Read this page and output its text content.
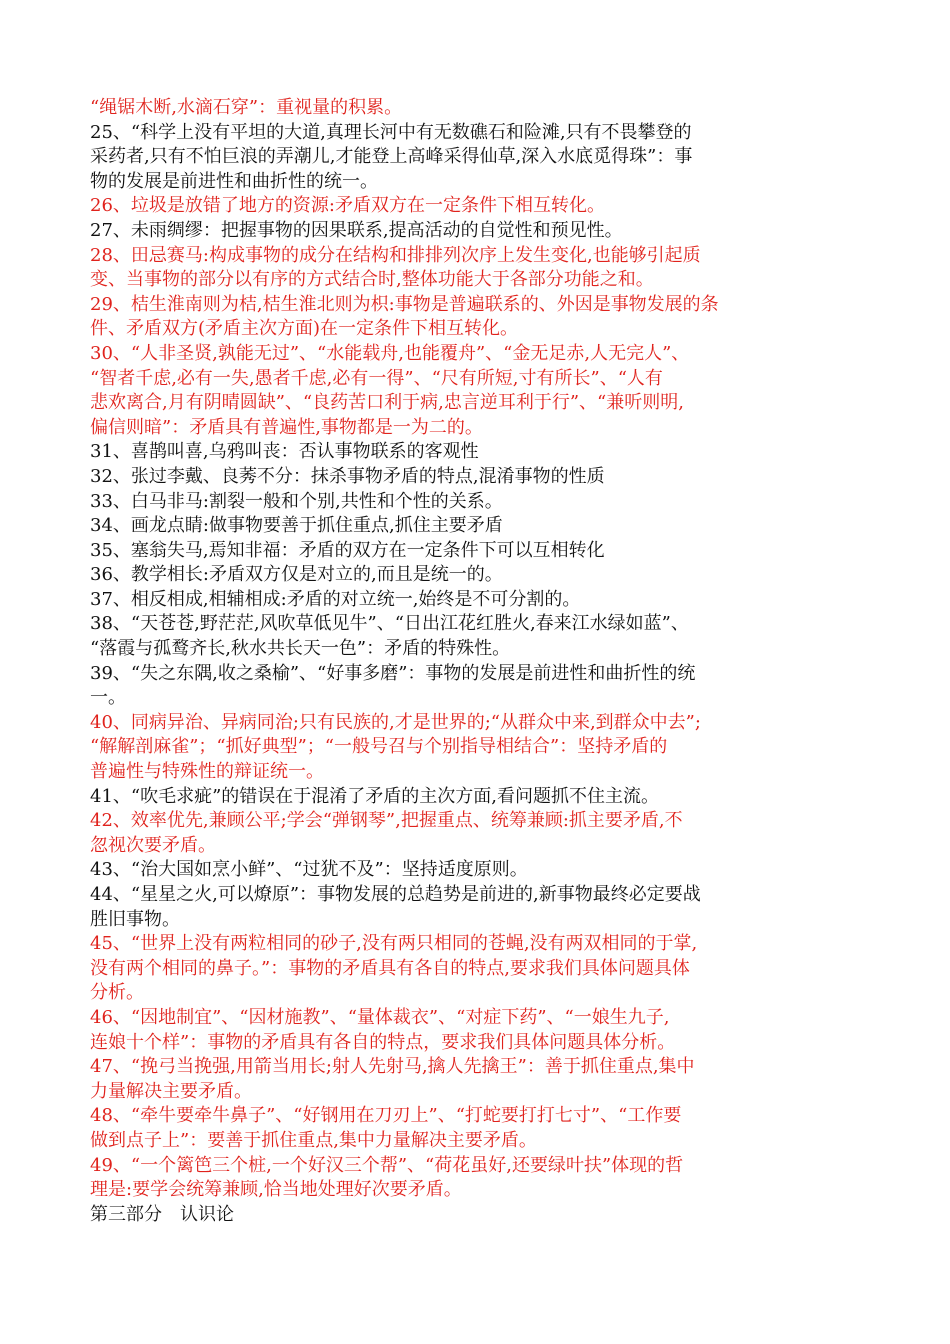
“绳锯木断,水滴石穿”：重视量的积累。
25、“科学上没有平坦的大道,真理长河中有无数礁石和险滩,只有不畏攀登的
采药者,只有不怕巨浪的弄潮儿,才能登上高峰采得仙草,深入水底觅得珠”：事
物的发展是前进性和曲折性的统一。
26、垃圾是放错了地方的资源:矛盾双方在一定条件下相互转化。
27、未雨绸缪：把握事物的因果联系,提高活动的自觉性和预见性。
28、田忌赛马:构成事物的成分在结构和排排列次序上发生变化,也能够引起质
变、当事物的部分以有序的方式结合时,整体功能大于各部分功能之和。
29、桔生淮南则为桔,桔生淮北则为枳:事物是普遍联系的、外因是事物发展的条
件、矛盾双方(矛盾主次方面)在一定条件下相互转化。
30、“人非圣贤,孰能无过”、“水能载舟,也能覆舟”、“金无足赤,人无完人”、
“智者千虑,必有一失,愚者千虑,必有一得”、“尺有所短,寸有所长”、“人有
悲欢离合,月有阴晴圆缺”、“良药苦口利于病,忠言逆耳利于行”、“兼听则明,
偏信则暗”：矛盾具有普遍性,事物都是一为二的。
31、喜鹊叫喜,乌鸦叫丧：否认事物联系的客观性
32、张过李戴、良莠不分：抹杀事物矛盾的特点,混淆事物的性质
33、白马非马:割裂一般和个别,共性和个性的关系。
34、画龙点睛:做事物要善于抓住重点,抓住主要矛盾
35、塞翁失马,焉知非福：矛盾的双方在一定条件下可以互相转化
36、教学相长:矛盾双方仅是对立的,而且是统一的。
37、相反相成,相辅相成:矛盾的对立统一,始终是不可分割的。
38、“天苍苍,野茫茫,风吹草低见牛”、“日出江花红胜火,春来江水绿如蓝”、
“落霞与孤鹜齐长,秋水共长天一色”：矛盾的特殊性。
39、“失之东隅,收之桑榆”、“好事多磨”：事物的发展是前进性和曲折性的统
一。
40、同病异治、异病同治;只有民族的,才是世界的;“从群众中来,到群众中去”;
“解解剖麻雀”；“抓好典型”；“一般号召与个别指导相结合”：坚持矛盾的
普遍性与特殊性的辩证统一。
41、“吹毛求疵”的错误在于混淆了矛盾的主次方面,看问题抓不住主流。
42、效率优先,兼顾公平;学会“弹钢琴”,把握重点、统筹兼顾:抓主要矛盾,不
忽视次要矛盾。
43、“治大国如烹小鲜”、“过犹不及”：坚持适度原则。
44、“星星之火,可以燎原”：事物发展的总趋势是前进的,新事物最终必定要战
胜旧事物。
45、“世界上没有两粒相同的砂子,没有两只相同的苍蝇,没有两双相同的于掌,
没有两个相同的鼻子。”：事物的矛盾具有各自的特点,要求我们具体问题具体
分析。
46、“因地制宜”、“因材施教”、“量体裁衣”、“对症下药”、“一娘生九子,
连娘十个样”：事物的矛盾具有各自的特点，要求我们具体问题具体分析。
47、“挽弓当挽强,用箭当用长;射人先射马,擒人先擒王”：善于抓住重点,集中
力量解决主要矛盾。
48、“牵牛要牵牛鼻子”、“好钢用在刀刃上”、“打蛇要打打七寸”、“工作要
做到点子上”：要善于抓住重点,集中力量解决主要矛盾。
49、“一个篱笆三个桩,一个好汉三个帮”、“荷花虽好,还要绿叶扶”体现的哲
理是:要学会统筹兼顾,恰当地处理好次要矛盾。
第三部分　认识论
